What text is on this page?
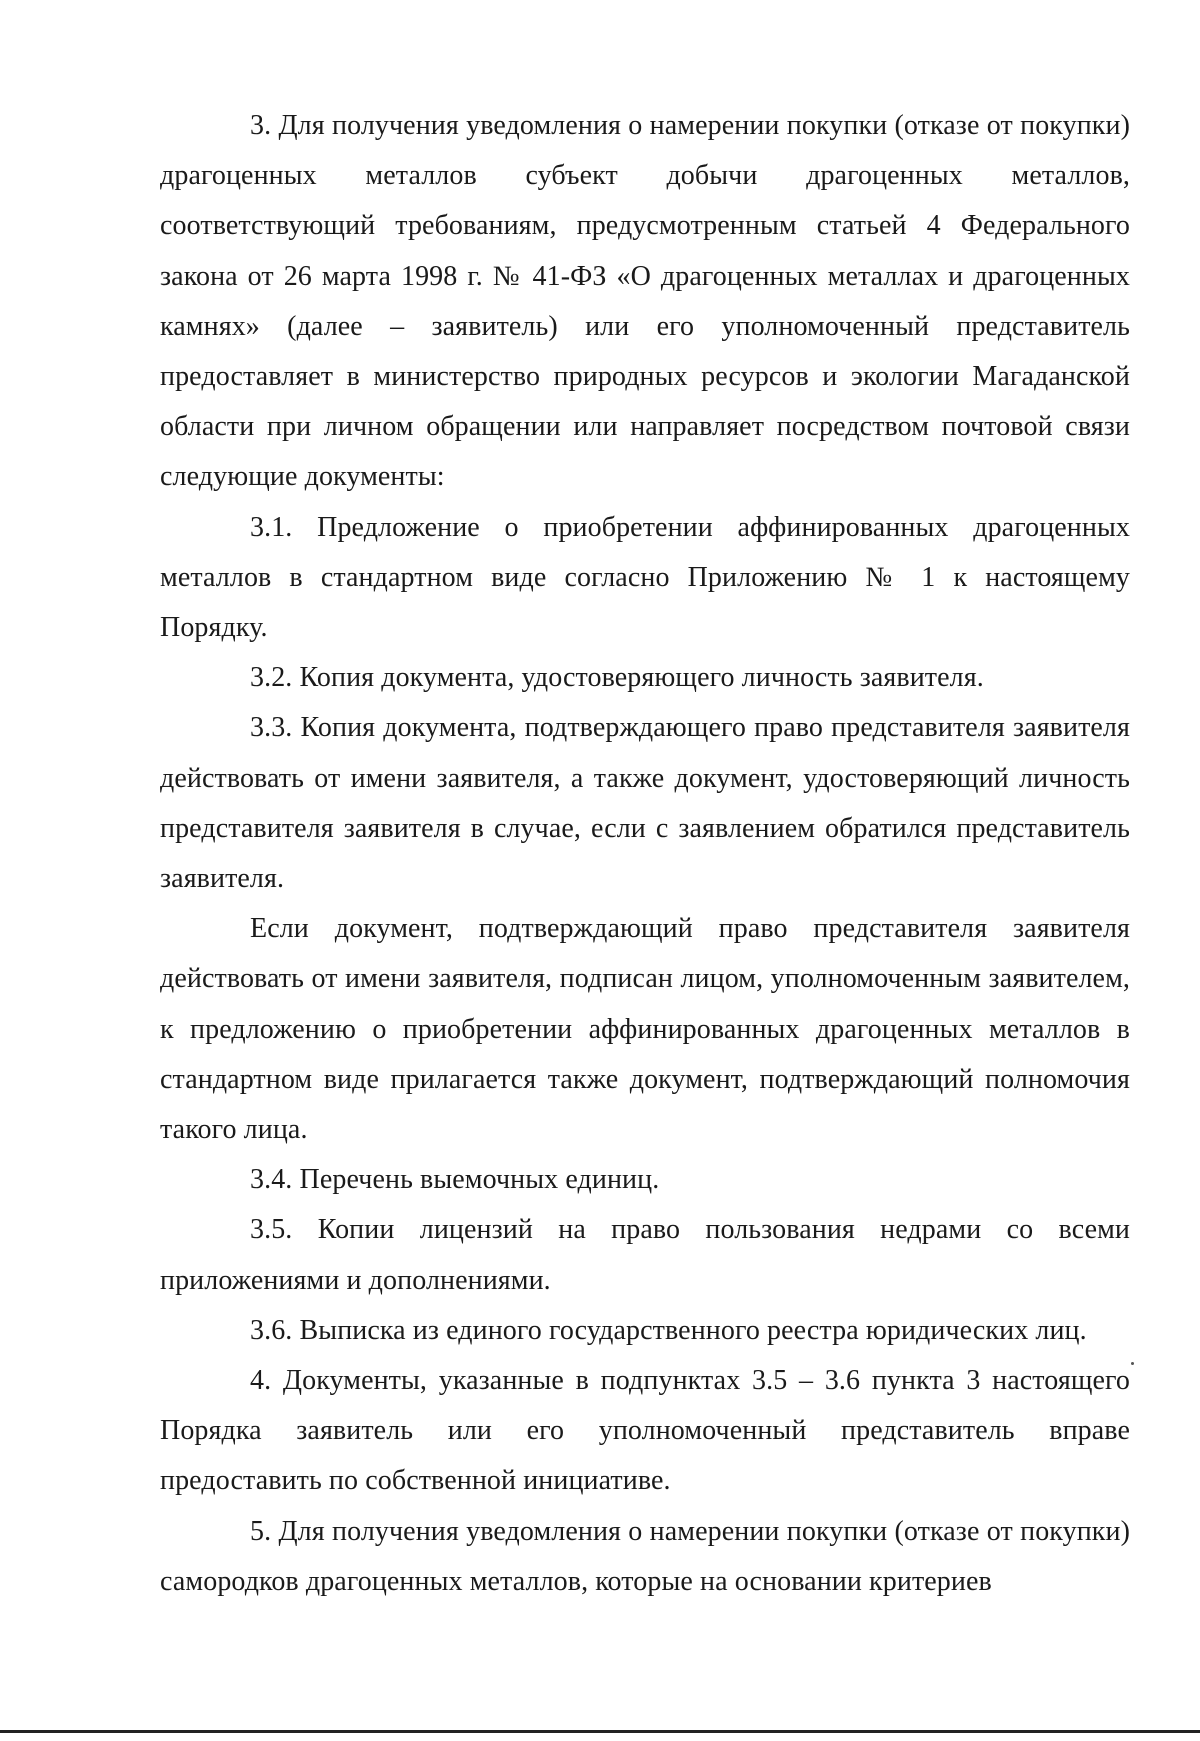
3. Для получения уведомления о намерении покупки (отказе от покупки) драгоценных металлов субъект добычи драгоценных металлов, соответствующий требованиям, предусмотренным статьей 4 Федерального закона от 26 марта 1998 г. № 41-ФЗ «О драгоценных металлах и драгоценных камнях» (далее – заявитель) или его уполномоченный представитель предоставляет в министерство природных ресурсов и экологии Магаданской области при личном обращении или направляет посредством почтовой связи следующие документы:

3.1. Предложение о приобретении аффинированных драгоценных металлов в стандартном виде согласно Приложению № 1 к настоящему Порядку.

3.2. Копия документа, удостоверяющего личность заявителя.

3.3. Копия документа, подтверждающего право представителя заявителя действовать от имени заявителя, а также документ, удостоверяющий личность представителя заявителя в случае, если с заявлением обратился представитель заявителя.

Если документ, подтверждающий право представителя заявителя действовать от имени заявителя, подписан лицом, уполномоченным заявителем, к предложению о приобретении аффинированных драгоценных металлов в стандартном виде прилагается также документ, подтверждающий полномочия такого лица.

3.4. Перечень выемочных единиц.

3.5. Копии лицензий на право пользования недрами со всеми приложениями и дополнениями.

3.6. Выписка из единого государственного реестра юридических лиц.

4. Документы, указанные в подпунктах 3.5 – 3.6 пункта 3 настоящего Порядка заявитель или его уполномоченный представитель вправе предоставить по собственной инициативе.

5. Для получения уведомления о намерении покупки (отказе от покупки) самородков драгоценных металлов, которые на основании критериев
